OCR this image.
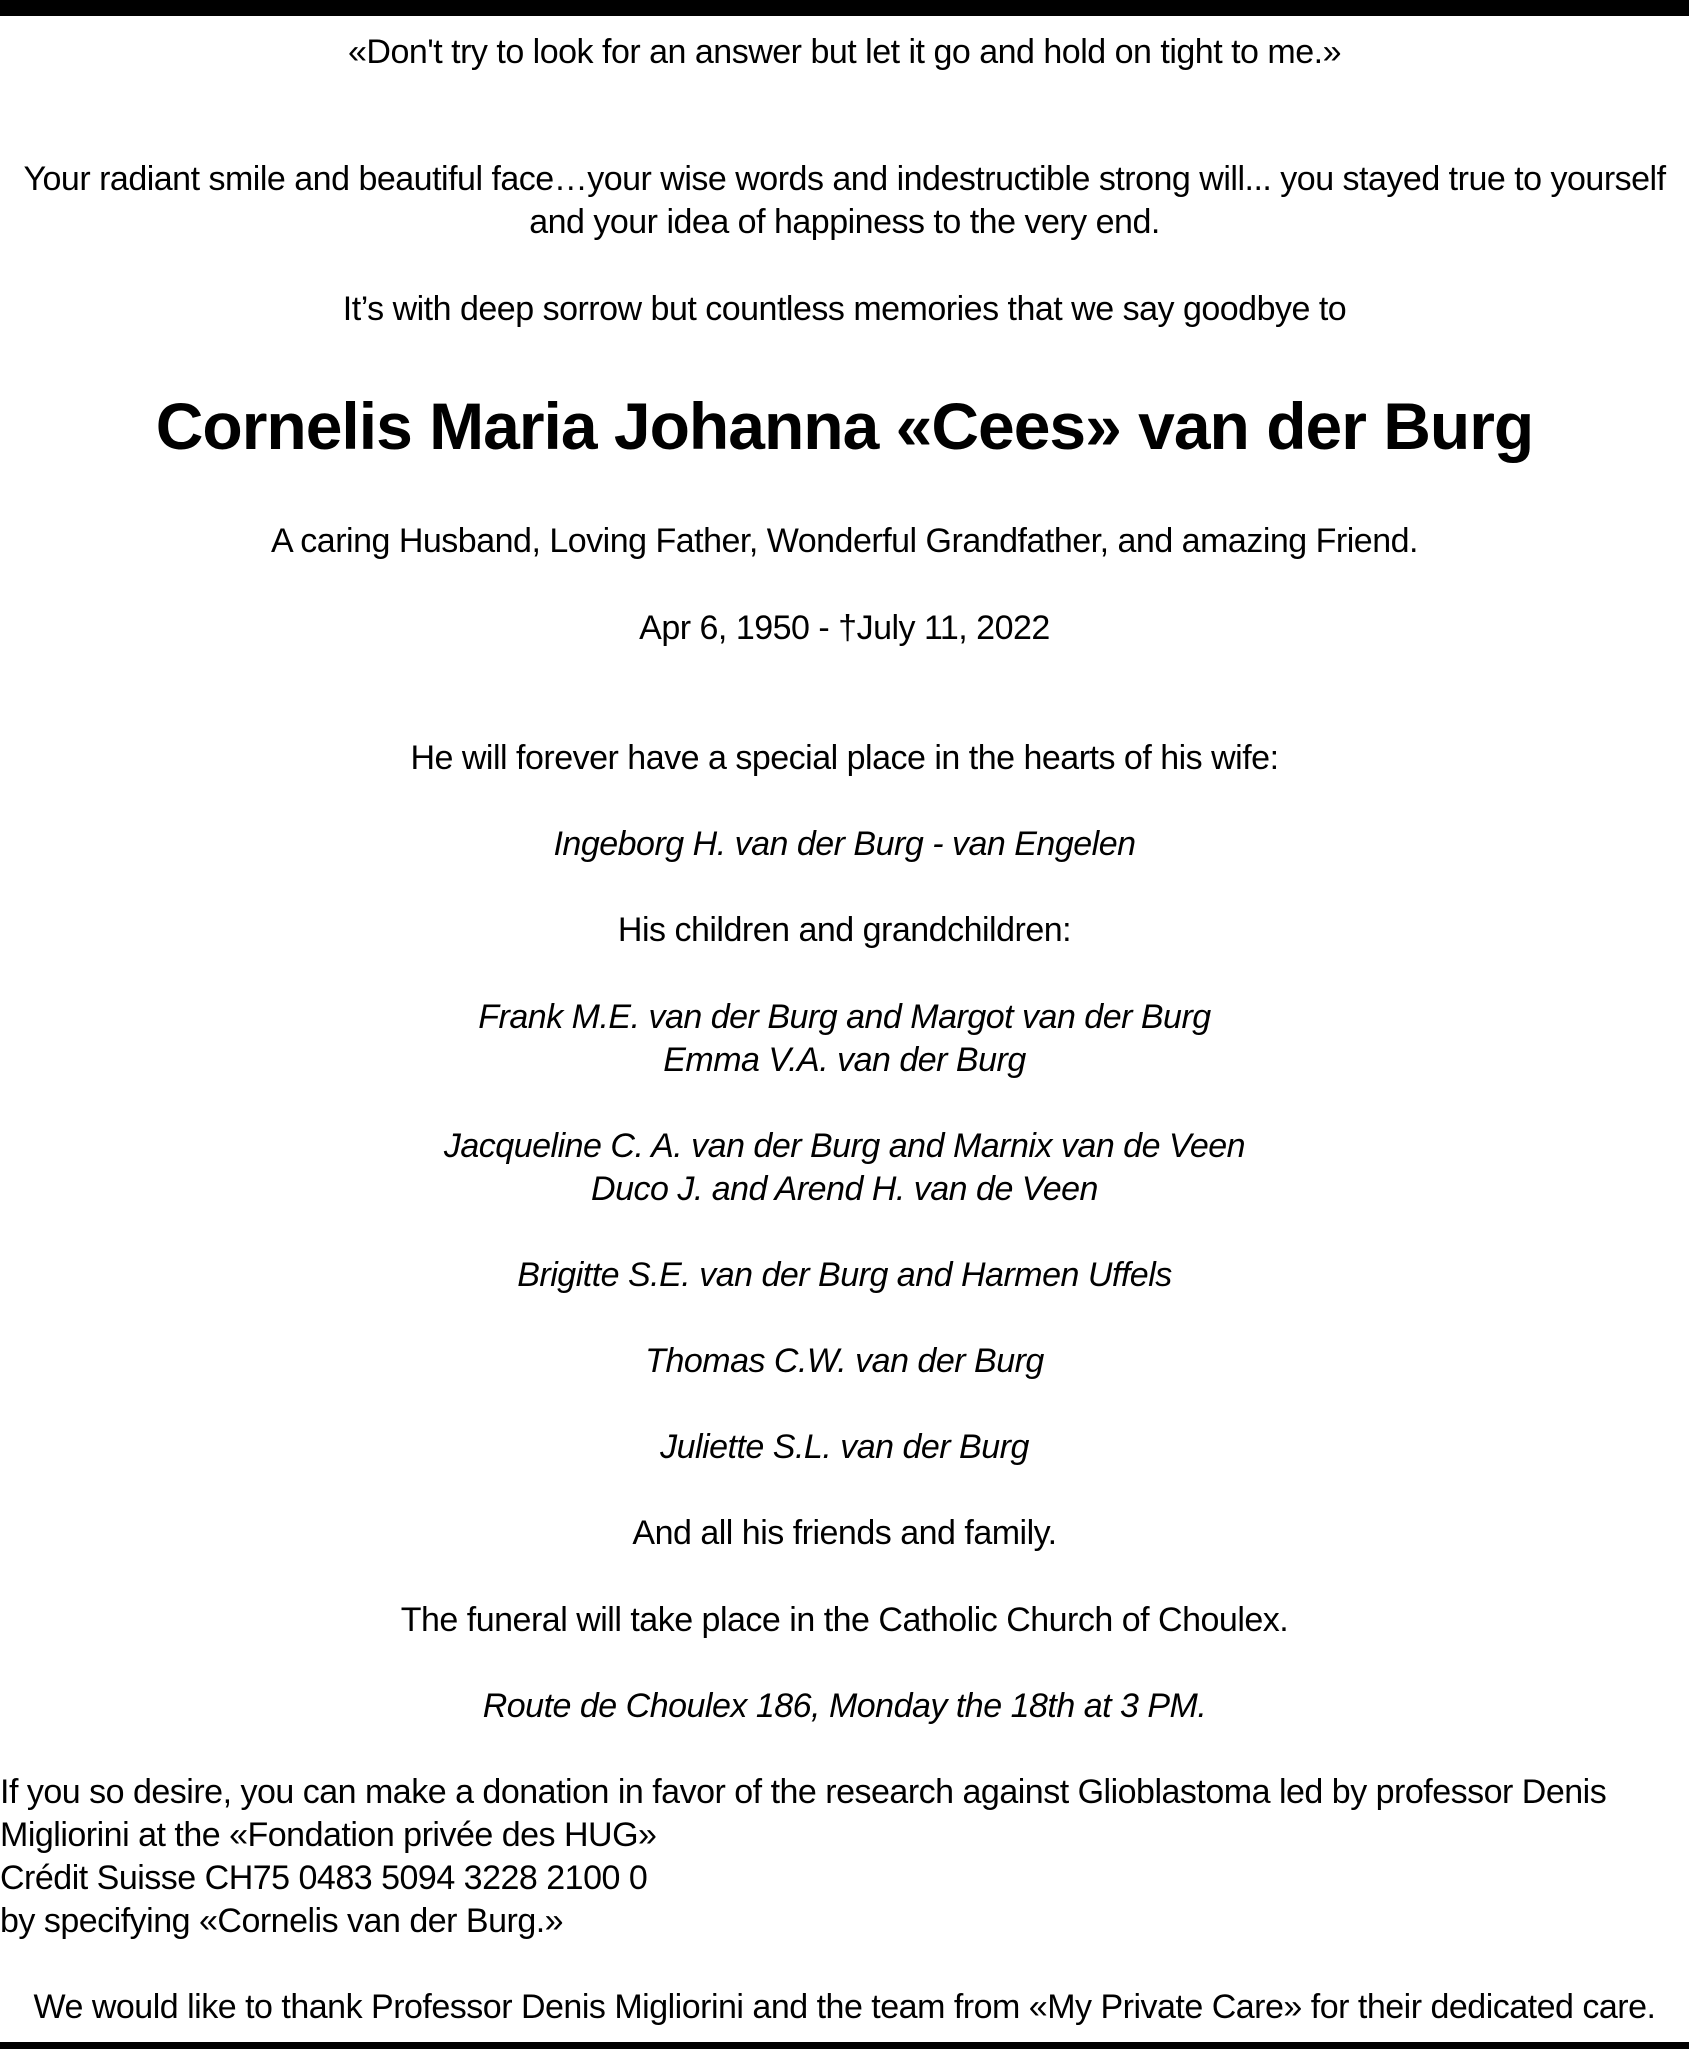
«Don't try to look for an answer but let it go and hold on tight to me.»
Your radiant smile and beautiful face…your wise words and indestructible strong will... you stayed true to yourself and your idea of happiness to the very end.
It’s with deep sorrow but countless memories that we say goodbye to
Cornelis Maria Johanna «Cees» van der Burg
A caring Husband, Loving Father, Wonderful Grandfather, and amazing Friend.
Apr 6, 1950 - †July 11, 2022
He will forever have a special place in the hearts of his wife:
Ingeborg H. van der Burg - van Engelen
His children and grandchildren:
Frank M.E. van der Burg and Margot van der Burg
Emma V.A. van der Burg
Jacqueline C. A. van der Burg and Marnix van de Veen
Duco J. and Arend H. van de Veen
Brigitte S.E. van der Burg and Harmen Uffels
Thomas C.W. van der Burg
Juliette S.L. van der Burg
And all his friends and family.
The funeral will take place in the Catholic Church of Choulex.
Route de Choulex 186, Monday the 18th at 3 PM.
If you so desire, you can make a donation in favor of the research against Glioblastoma led by professor Denis
Migliorini at the «Fondation privée des HUG»
Crédit Suisse CH75 0483 5094 3228 2100 0
by specifying «Cornelis van der Burg.»
We would like to thank Professor Denis Migliorini and the team from «My Private Care» for their dedicated care.
